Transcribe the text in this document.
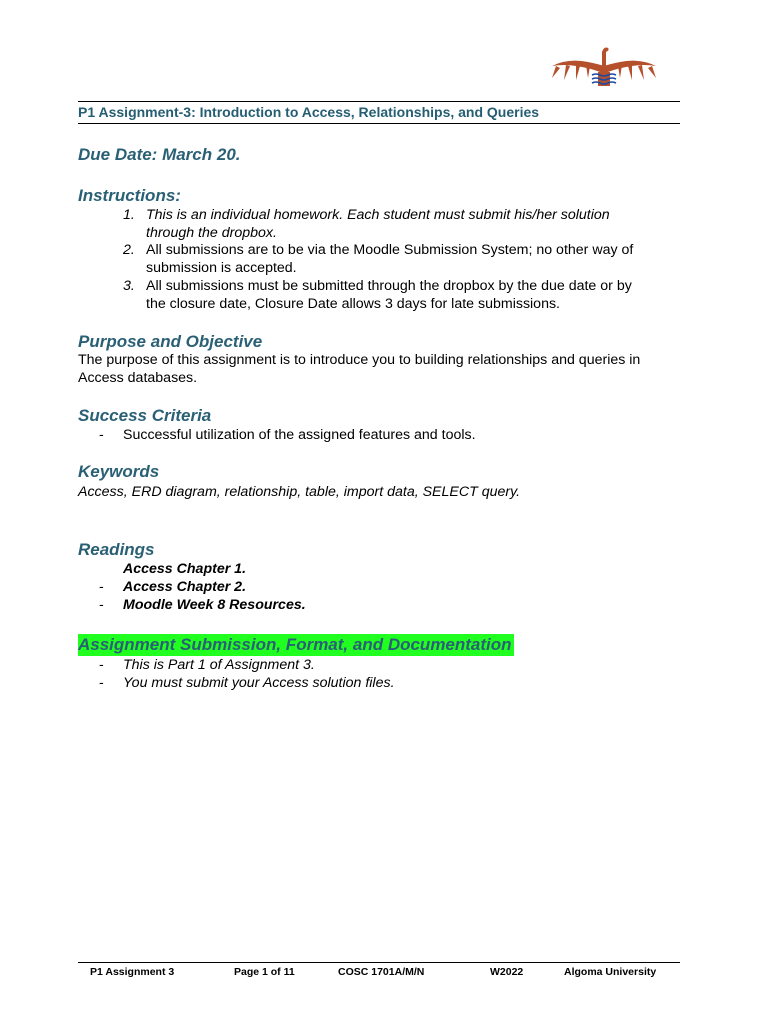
P1 Assignment-3: Introduction to Access, Relationships, and Queries
Due Date: March 20.
Instructions:
1. This is an individual homework. Each student must submit his/her solution
through the dropbox.
2. All submissions are to be via the Moodle Submission System; no other way of
submission is accepted.
3. All submissions must be submitted through the dropbox by the due date or by
the closure date, Closure Date allows 3 days for late submissions.
Purpose and Objective
The purpose of this assignment is to introduce you to building relationships and queries in
Access databases.
Success Criteria
- Successful utilization of the assigned features and tools.
Keywords
Access, ERD diagram, relationship, table, import data, SELECT query.
Readings
Access Chapter 1.
- Access Chapter 2.
- Moodle Week 8 Resources.
Assignment Submission, Format, and Documentation
- This is Part 1 of Assignment 3.
- You must submit your Access solution files.
P1 Assignment 3	Page 1 of 11	COSC 1701A/M/N	W2022	Algoma University
